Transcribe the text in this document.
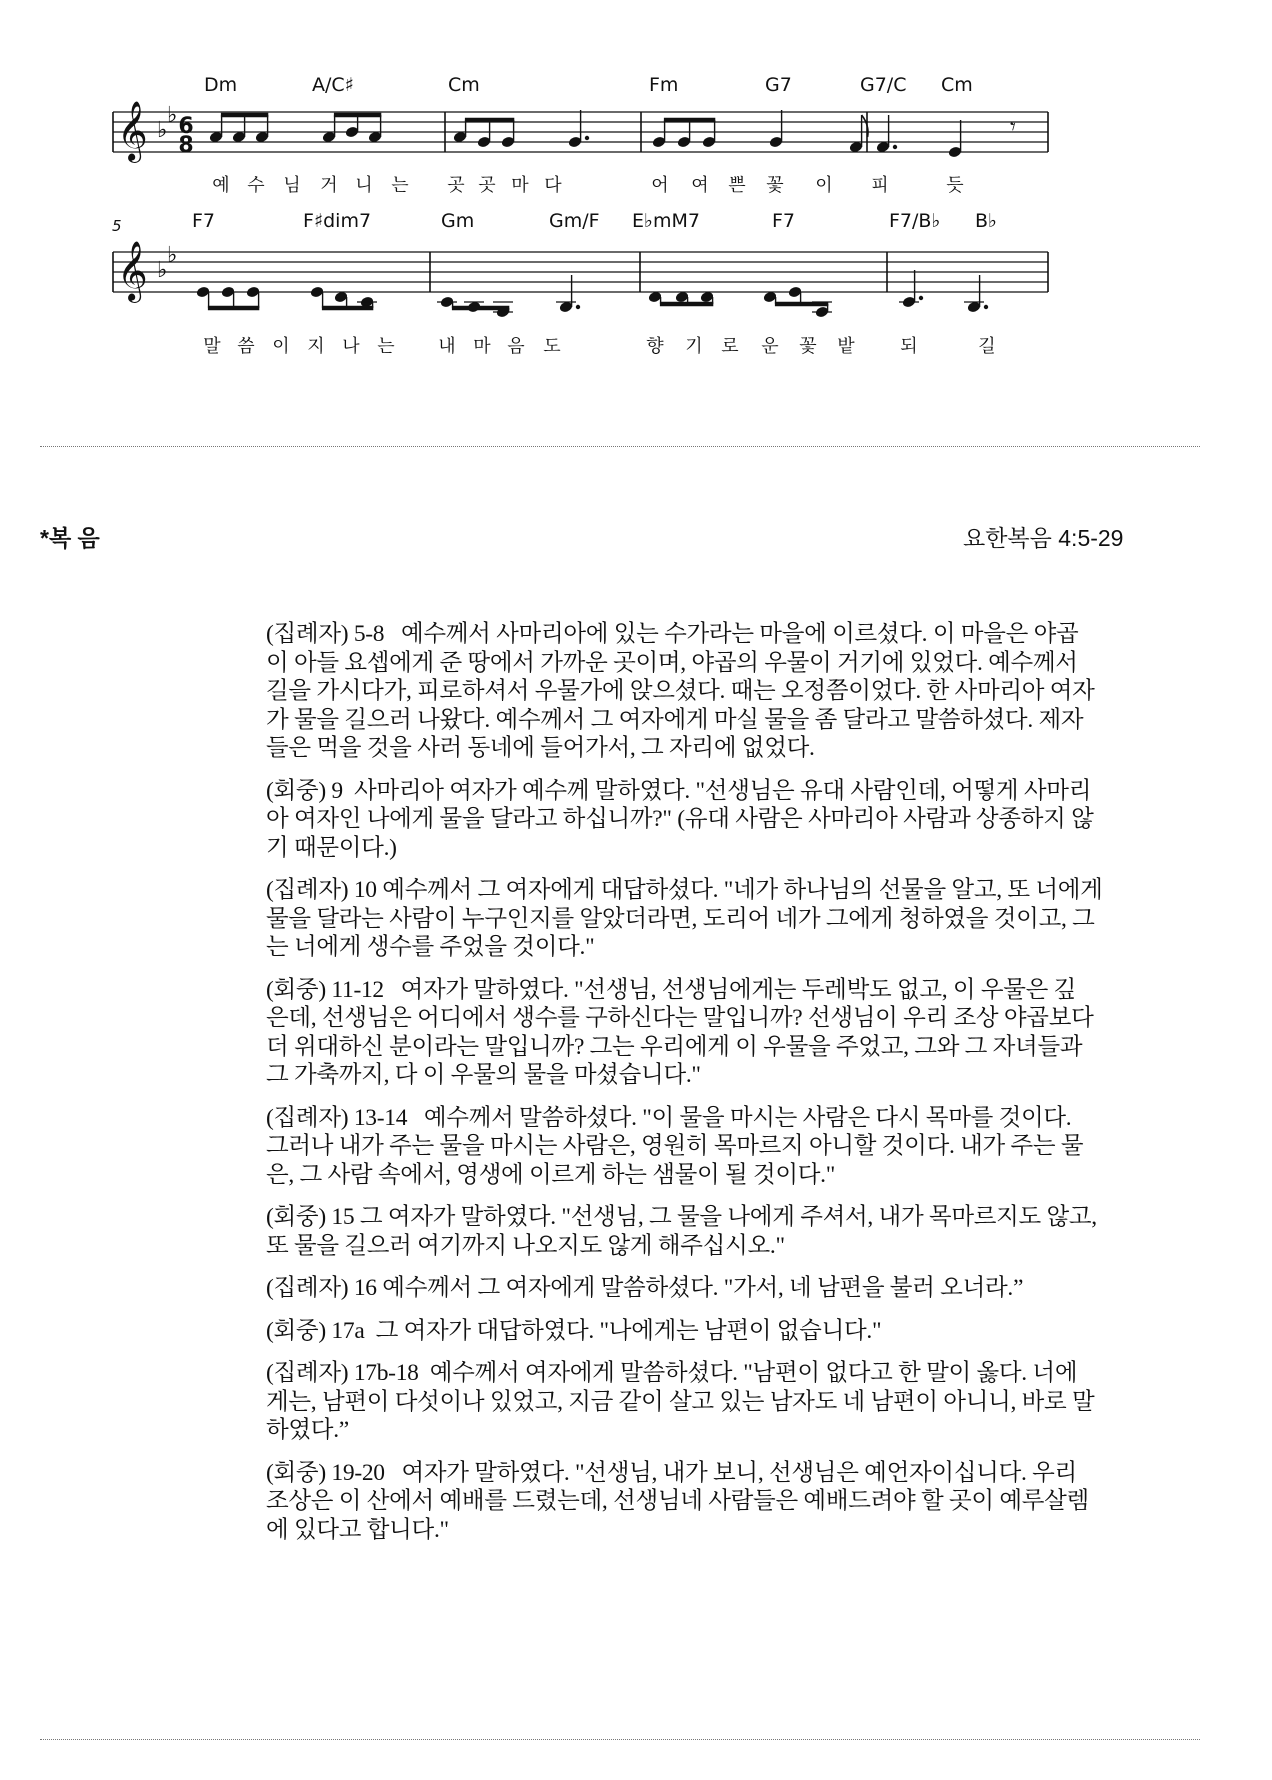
𝄞 ♭
♭ 6
8
𝄾
Dm	A/C♯	Cm	Fm	G7	G7/C Cm
예 수 님 거 니 는 곳 곳 마 다	어 여 쁜 꽃 이 피	듯
5
𝄞 ♭
♭
F7	F♯dim7	Gm	Gm/F E♭mM7	F7	F7/B♭ B♭
말 씀 이 지 나 는 내 마 음 도	향 기 로 운 꽃 밭	되	길
*복 음	요한복음 4:5-29
(집례자) 5-8   예수께서 사마리아에 있는 수가라는 마을에 이르셨다. 이 마을은 야곱
이 아들 요셉에게 준 땅에서 가까운 곳이며, 야곱의 우물이 거기에 있었다. 예수께서
길을 가시다가, 피로하셔서 우물가에 앉으셨다. 때는 오정쯤이었다. 한 사마리아 여자
가 물을 길으러 나왔다. 예수께서 그 여자에게 마실 물을 좀 달라고 말씀하셨다. 제자
들은 먹을 것을 사러 동네에 들어가서, 그 자리에 없었다.
(회중) 9  사마리아 여자가 예수께 말하였다. "선생님은 유대 사람인데, 어떻게 사마리
아 여자인 나에게 물을 달라고 하십니까?" (유대 사람은 사마리아 사람과 상종하지 않
기 때문이다.)
(집례자) 10 예수께서 그 여자에게 대답하셨다. "네가 하나님의 선물을 알고, 또 너에게
물을 달라는 사람이 누구인지를 알았더라면, 도리어 네가 그에게 청하였을 것이고, 그
는 너에게 생수를 주었을 것이다."
(회중) 11-12   여자가 말하였다. "선생님, 선생님에게는 두레박도 없고, 이 우물은 깊
은데, 선생님은 어디에서 생수를 구하신다는 말입니까? 선생님이 우리 조상 야곱보다
더 위대하신 분이라는 말입니까? 그는 우리에게 이 우물을 주었고, 그와 그 자녀들과
그 가축까지, 다 이 우물의 물을 마셨습니다."
(집례자) 13-14   예수께서 말씀하셨다. "이 물을 마시는 사람은 다시 목마를 것이다.
그러나 내가 주는 물을 마시는 사람은, 영원히 목마르지 아니할 것이다. 내가 주는 물
은, 그 사람 속에서, 영생에 이르게 하는 샘물이 될 것이다."
(회중) 15 그 여자가 말하였다. "선생님, 그 물을 나에게 주셔서, 내가 목마르지도 않고,
또 물을 길으러 여기까지 나오지도 않게 해주십시오."
(집례자) 16 예수께서 그 여자에게 말씀하셨다. "가서, 네 남편을 불러 오너라.”
(회중) 17a  그 여자가 대답하였다. "나에게는 남편이 없습니다."
(집례자) 17b-18  예수께서 여자에게 말씀하셨다. "남편이 없다고 한 말이 옳다. 너에
게는, 남편이 다섯이나 있었고, 지금 같이 살고 있는 남자도 네 남편이 아니니, 바로 말
하였다.”
(회중) 19-20   여자가 말하였다. "선생님, 내가 보니, 선생님은 예언자이십니다. 우리
조상은 이 산에서 예배를 드렸는데, 선생님네 사람들은 예배드려야 할 곳이 예루살렘
에 있다고 합니다."
